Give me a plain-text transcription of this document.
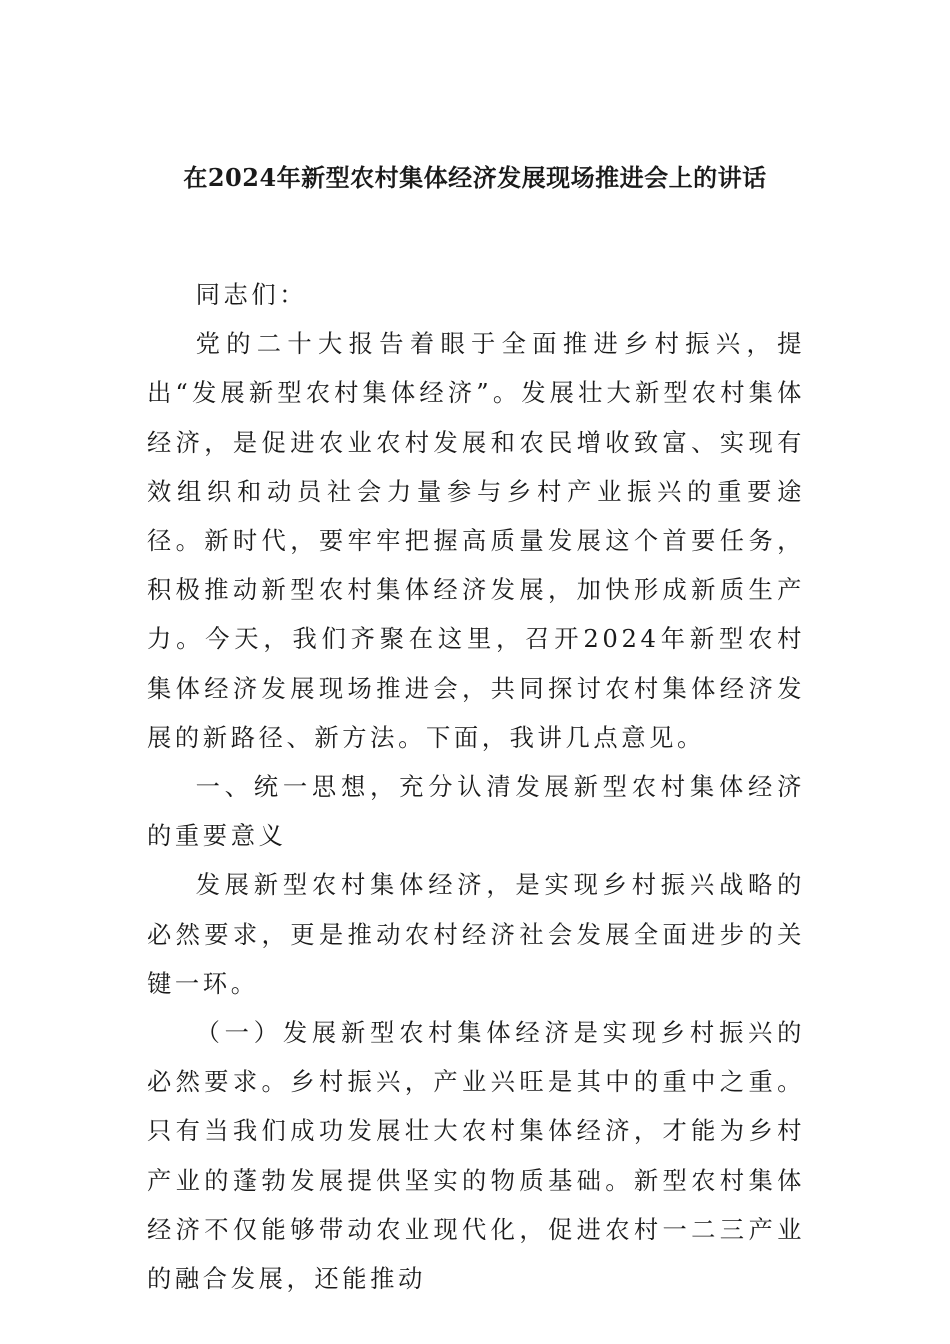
在2024年新型农村集体经济发展现场推进会上的讲话

同志们：

党的二十大报告着眼于全面推进乡村振兴，提出“发展新型农村集体经济”。发展壮大新型农村集体经济，是促进农业农村发展和农民增收致富、实现有效组织和动员社会力量参与乡村产业振兴的重要途径。新时代，要牢牢把握高质量发展这个首要任务，积极推动新型农村集体经济发展，加快形成新质生产力。今天，我们齐聚在这里，召开2024年新型农村集体经济发展现场推进会，共同探讨农村集体经济发展的新路径、新方法。下面，我讲几点意见。

一、统一思想，充分认清发展新型农村集体经济的重要意义

发展新型农村集体经济，是实现乡村振兴战略的必然要求，更是推动农村经济社会发展全面进步的关键一环。

（一）发展新型农村集体经济是实现乡村振兴的必然要求。乡村振兴，产业兴旺是其中的重中之重。只有当我们成功发展壮大农村集体经济，才能为乡村产业的蓬勃发展提供坚实的物质基础。新型农村集体经济不仅能够带动农业现代化，促进农村一二三产业的融合发展，还能推动
